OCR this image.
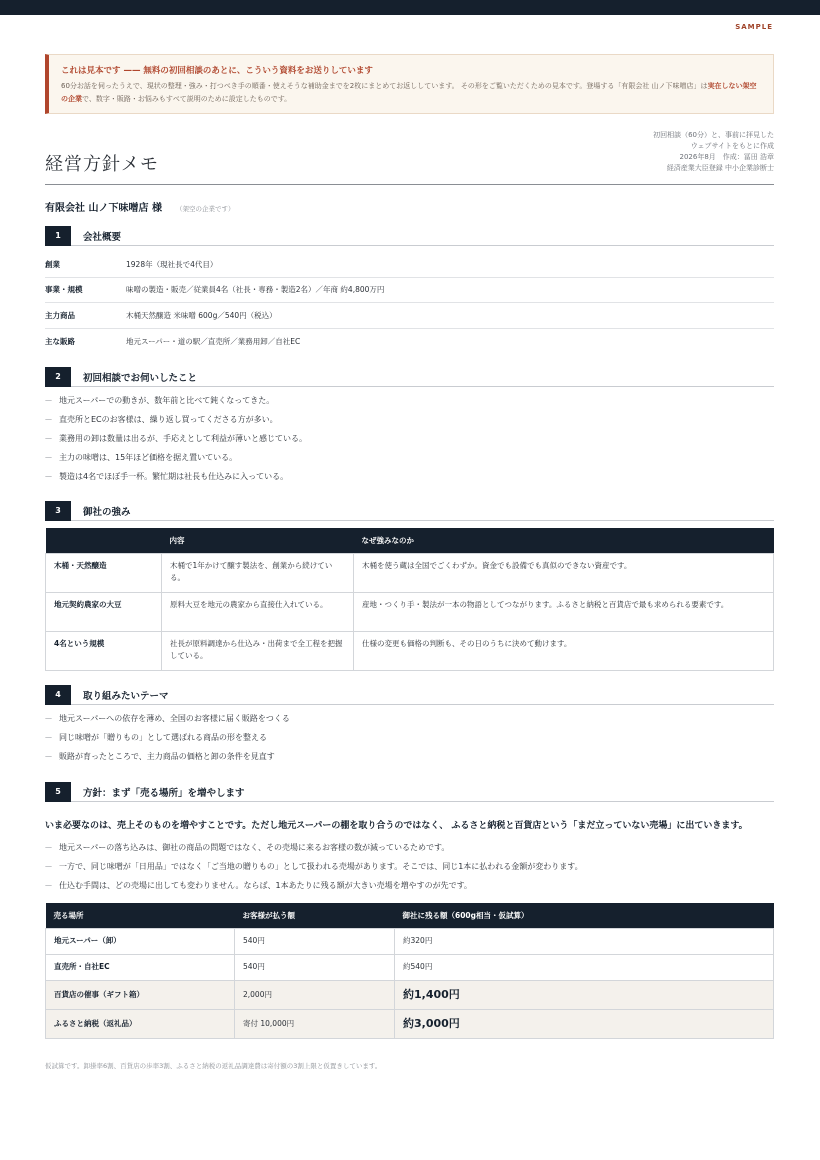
SAMPLE
これは見本です —— 無料の初回相談のあとに、こういう資料をお送りしています
60分お話を伺ったうえで、現状の整理・強み・打つべき手の順番・使えそうな補助金までを2枚にまとめてお返ししています。 その形をご覧いただくための見本です。登場する「有限会社 山ノ下味噌店」は実在しない架空の企業で、数字・販路・お悩みもすべて説明のために設定したものです。
初回相談（60分）と、事前に拝見した
ウェブサイトをもとに作成
2026年8月　作成：冨田 浩章
経済産業大臣登録 中小企業診断士
経営方針メモ
有限会社 山ノ下味噌店 様 （架空の企業です）
1	会社概要
創業	1928年（現社長で4代目）
事業・規模	味噌の製造・販売／従業員4名（社長・専務・製造2名）／年商 約4,800万円
主力商品	木桶天然醸造 米味噌 600g／540円（税込）
主な販路	地元スーパー・道の駅／直売所／業務用卸／自社EC
2	初回相談でお伺いしたこと
— 地元スーパーでの動きが、数年前と比べて鈍くなってきた。
— 直売所とECのお客様は、繰り返し買ってくださる方が多い。
— 業務用の卸は数量は出るが、手応えとして利益が薄いと感じている。
— 主力の味噌は、15年ほど価格を据え置いている。
— 製造は4名でほぼ手一杯。繁忙期は社長も仕込みに入っている。
3	御社の強み
	内容	なぜ強みなのか
木桶・天然醸造	木桶で1年かけて醸す製法を、創業から続けている。	木桶を使う蔵は全国でごくわずか。資金でも設備でも真似のできない資産です。
地元契約農家の大豆	原料大豆を地元の農家から直接仕入れている。	産地・つくり手・製法が一本の物語としてつながります。ふるさと納税と百貨店で最も求められる要素です。
4名という規模	社長が原料調達から仕込み・出荷まで全工程を把握している。	仕様の変更も価格の判断も、その日のうちに決めて動けます。
4	取り組みたいテーマ
— 地元スーパーへの依存を薄め、全国のお客様に届く販路をつくる
— 同じ味噌が「贈りもの」として選ばれる商品の形を整える
— 販路が育ったところで、主力商品の価格と卸の条件を見直す
5	方針：まず「売る場所」を増やします
いま必要なのは、売上そのものを増やすことです。ただし地元スーパーの棚を取り合うのではなく、 ふるさと納税と百貨店という「まだ立っていない売場」に出ていきます。
— 地元スーパーの落ち込みは、御社の商品の問題ではなく、その売場に来るお客様の数が減っているためです。
— 一方で、同じ味噌が「日用品」ではなく「ご当地の贈りもの」として扱われる売場があります。そこでは、同じ1本に払われる金額が変わります。
— 仕込む手間は、どの売場に出しても変わりません。ならば、1本あたりに残る額が大きい売場を増やすのが先です。
売る場所	お客様が払う額	御社に残る額（600g相当・仮試算）
地元スーパー（卸）	540円	約320円
直売所・自社EC	540円	約540円
百貨店の催事（ギフト箱）	2,000円	約1,400円
ふるさと納税（返礼品）	寄付 10,000円	約3,000円
仮試算です。卸掛率6割、百貨店の歩率3割、ふるさと納税の返礼品調達費は寄付額の3割上限と仮置きしています。
